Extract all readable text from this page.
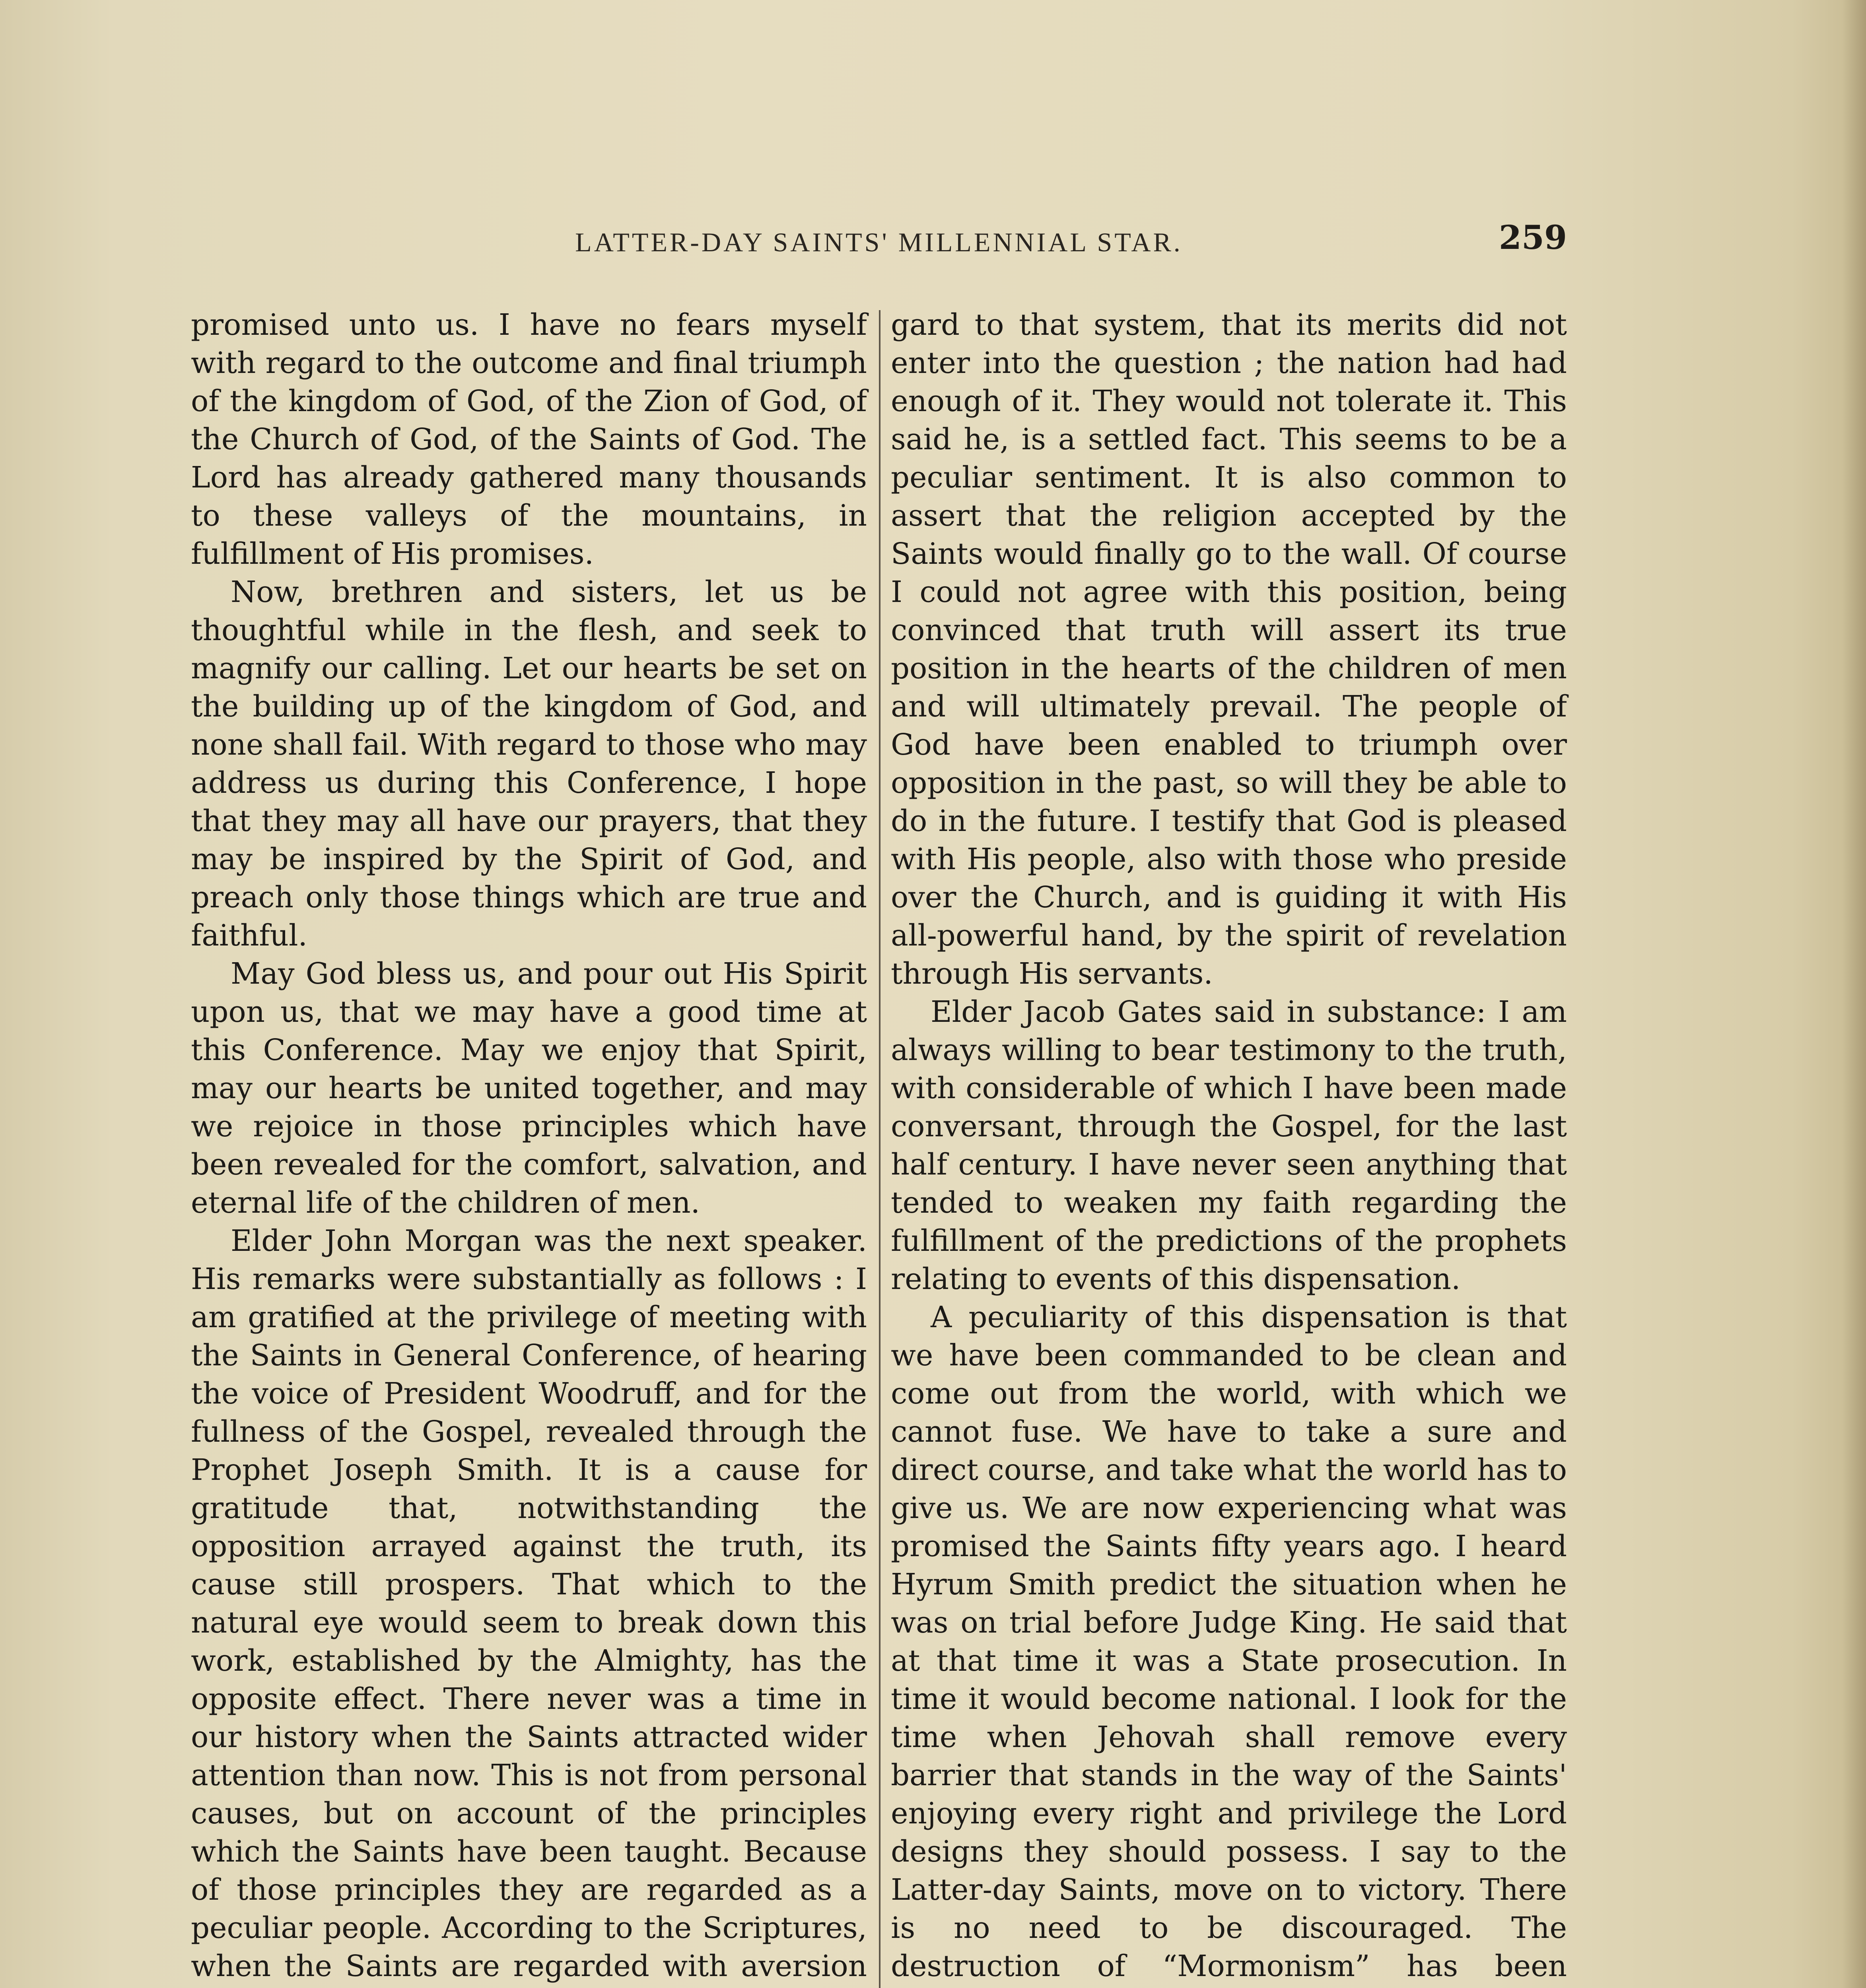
LATTER-DAY SAINTS' MILLENNIAL STAR.	259

promised unto us. I have no fears myself with regard to the outcome and final triumph of the kingdom of God, of the Zion of God, of the Church of God, of the Saints of God. The Lord has already gathered many thousands to these valleys of the mountains, in fulfillment of His promises.

Now, brethren and sisters, let us be thoughtful while in the flesh, and seek to magnify our calling. Let our hearts be set on the building up of the kingdom of God, and none shall fail. With regard to those who may address us during this Conference, I hope that they may all have our prayers, that they may be inspired by the Spirit of God, and preach only those things which are true and faithful.

May God bless us, and pour out His Spirit upon us, that we may have a good time at this Conference. May we enjoy that Spirit, may our hearts be united together, and may we rejoice in those principles which have been revealed for the comfort, salvation, and eternal life of the children of men.

Elder John Morgan was the next speaker. His remarks were substantially as follows : I am gratified at the privilege of meeting with the Saints in General Conference, of hearing the voice of President Woodruff, and for the fullness of the Gospel, revealed through the Prophet Joseph Smith. It is a cause for gratitude that, notwithstanding the opposition arrayed against the truth, its cause still prospers. That which to the natural eye would seem to break down this work, established by the Almighty, has the opposite effect. There never was a time in our history when the Saints attracted wider attention than now. This is not from personal causes, but on account of the principles which the Saints have been taught. Because of those principles they are regarded as a peculiar people. According to the Scriptures, when the Saints are regarded with aversion

gard to that system, that its merits did not enter into the question ; the nation had had enough of it. They would not tolerate it. This said he, is a settled fact. This seems to be a peculiar sentiment. It is also common to assert that the religion accepted by the Saints would finally go to the wall. Of course I could not agree with this position, being convinced that truth will assert its true position in the hearts of the children of men and will ultimately prevail. The people of God have been enabled to triumph over opposition in the past, so will they be able to do in the future. I testify that God is pleased with His people, also with those who preside over the Church, and is guiding it with His all-powerful hand, by the spirit of revelation through His servants.

Elder Jacob Gates said in substance: I am always willing to bear testimony to the truth, with considerable of which I have been made conversant, through the Gospel, for the last half century. I have never seen anything that tended to weaken my faith regarding the fulfillment of the predictions of the prophets relating to events of this dispensation.

A peculiarity of this dispensation is that we have been commanded to be clean and come out from the world, with which we cannot fuse. We have to take a sure and direct course, and take what the world has to give us. We are now experiencing what was promised the Saints fifty years ago. I heard Hyrum Smith predict the situation when he was on trial before Judge King. He said that at that time it was a State prosecution. In time it would become national. I look for the time when Jehovah shall remove every barrier that stands in the way of the Saints' enjoying every right and privilege the Lord designs they should possess. I say to the Latter-day Saints, move on to victory. There is no need to be discouraged. The destruction of “Mormonism” has been
